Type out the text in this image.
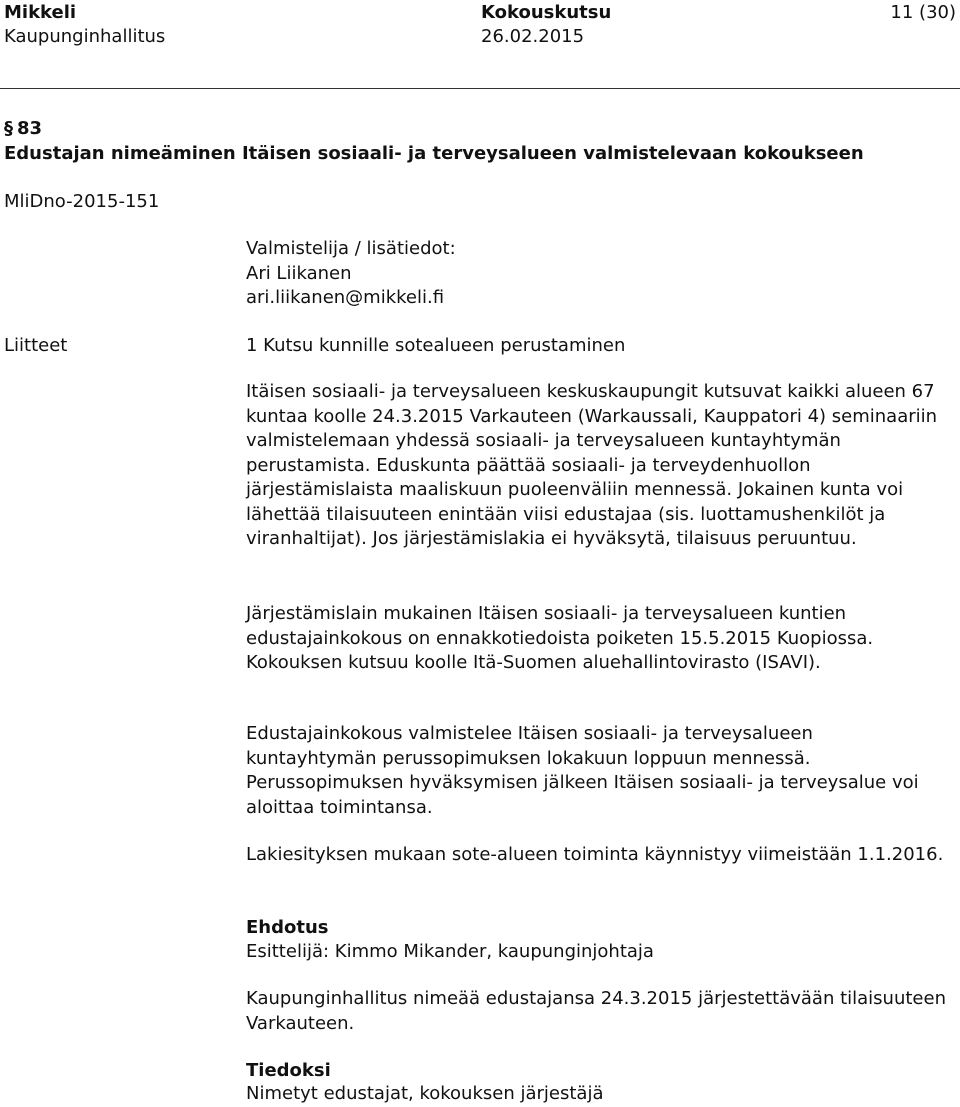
Mikkeli
Kaupunginhallitus
Kokouskutsu
26.02.2015
11 (30)
§ 83
Edustajan nimeäminen Itäisen sosiaali- ja terveysalueen valmistelevaan kokoukseen
MliDno-2015-151
Valmistelija / lisätiedot:
Ari Liikanen
ari.liikanen@mikkeli.fi
Liitteet	1 Kutsu kunnille sotealueen perustaminen

Itäisen sosiaali- ja terveysalueen keskuskaupungit kutsuvat kaikki alueen 67 kuntaa koolle 24.3.2015 Varkauteen (Warkaussali, Kauppatori 4) seminaariin valmistelemaan yhdessä sosiaali- ja terveysalueen kuntayhtymän perustamista. Eduskunta päättää sosiaali- ja terveydenhuollon järjestämislaista maaliskuun puoleenväliin mennessä. Jokainen kunta voi lähettää tilaisuuteen enintään viisi edustajaa (sis. luottamushenkilöt ja viranhaltijat). Jos järjestämislakia ei hyväksytä, tilaisuus peruuntuu.

Järjestämislain mukainen Itäisen sosiaali- ja terveysalueen kuntien edustajainkokous on ennakkotiedoista poiketen 15.5.2015 Kuopiossa. Kokouksen kutsuu koolle Itä-Suomen aluehallintovirasto (ISAVI).

Edustajainkokous valmistelee Itäisen sosiaali- ja terveysalueen kuntayhtymän perussopimuksen lokakuun loppuun mennessä. Perussopimuksen hyväksymisen jälkeen Itäisen sosiaali- ja terveysalue voi aloittaa toimintansa.

Lakiesityksen mukaan sote-alueen toiminta käynnistyy viimeistään 1.1.2016.

Ehdotus
Esittelijä: Kimmo Mikander, kaupunginjohtaja

Kaupunginhallitus nimeää edustajansa 24.3.2015 järjestettävään tilaisuuteen Varkauteen.

Tiedoksi
Nimetyt edustajat, kokouksen järjestäjä
